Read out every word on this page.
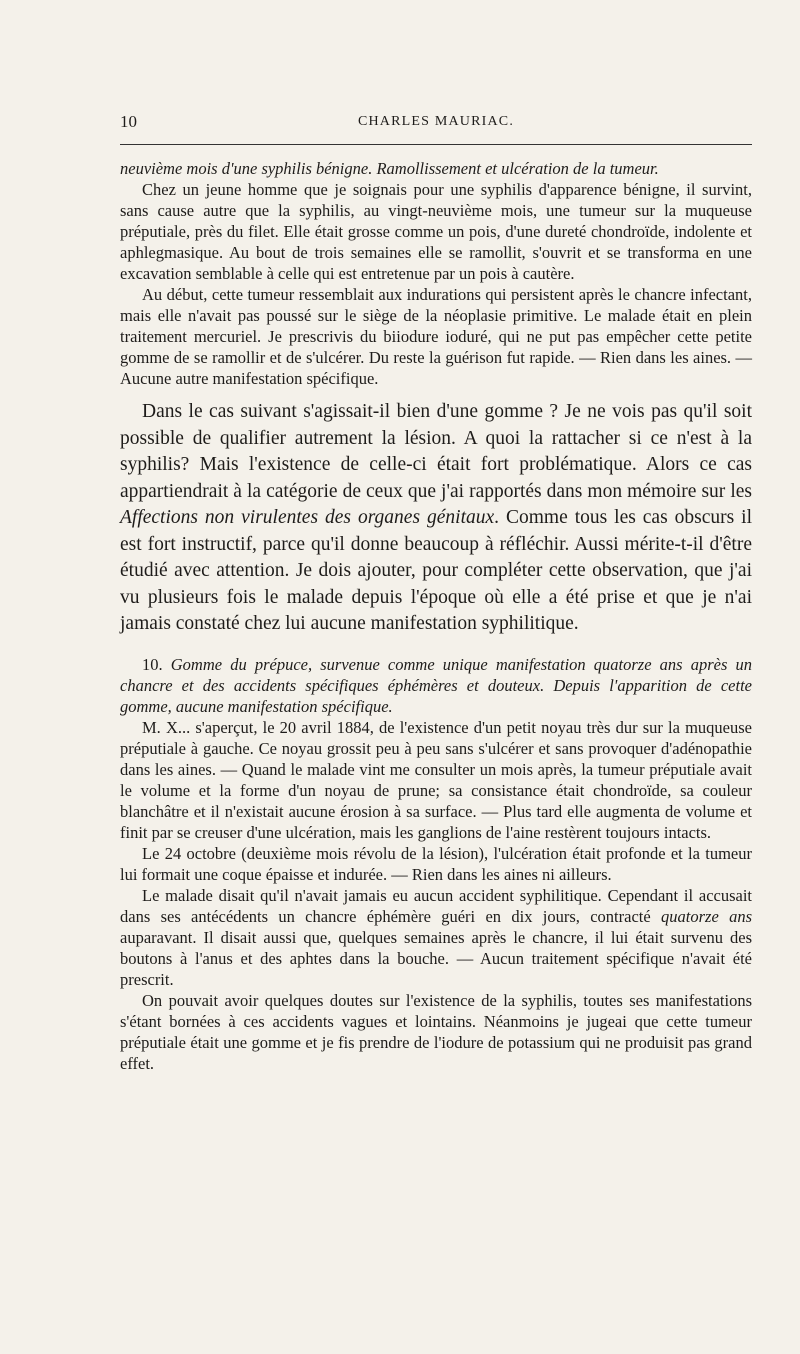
10	CHARLES MAURIAC.

neuvième mois d'une syphilis bénigne. Ramollissement et ulcération de la tumeur.

Chez un jeune homme que je soignais pour une syphilis d'apparence bénigne, il survint, sans cause autre que la syphilis, au vingt-neuvième mois, une tumeur sur la muqueuse préputiale, près du filet. Elle était grosse comme un pois, d'une dureté chondroïde, indolente et aphlegmasique. Au bout de trois semaines elle se ramollit, s'ouvrit et se transforma en une excavation semblable à celle qui est entretenue par un pois à cautère.

Au début, cette tumeur ressemblait aux indurations qui persistent après le chancre infectant, mais elle n'avait pas poussé sur le siège de la néoplasie primitive. Le malade était en plein traitement mercuriel. Je prescrivis du biiodure ioduré, qui ne put pas empêcher cette petite gomme de se ramollir et de s'ulcérer. Du reste la guérison fut rapide. — Rien dans les aines. — Aucune autre manifestation spécifique.

Dans le cas suivant s'agissait-il bien d'une gomme ? Je ne vois pas qu'il soit possible de qualifier autrement la lésion. A quoi la rattacher si ce n'est à la syphilis? Mais l'existence de celle-ci était fort problématique. Alors ce cas appartiendrait à la catégorie de ceux que j'ai rapportés dans mon mémoire sur les Affections non virulentes des organes génitaux. Comme tous les cas obscurs il est fort instructif, parce qu'il donne beaucoup à réfléchir. Aussi mérite-t-il d'être étudié avec attention. Je dois ajouter, pour compléter cette observation, que j'ai vu plusieurs fois le malade depuis l'époque où elle a été prise et que je n'ai jamais constaté chez lui aucune manifestation syphilitique.

10. Gomme du prépuce, survenue comme unique manifestation quatorze ans après un chancre et des accidents spécifiques éphémères et douteux. Depuis l'apparition de cette gomme, aucune manifestation spécifique.

M. X... s'aperçut, le 20 avril 1884, de l'existence d'un petit noyau très dur sur la muqueuse préputiale à gauche. Ce noyau grossit peu à peu sans s'ulcérer et sans provoquer d'adénopathie dans les aines. — Quand le malade vint me consulter un mois après, la tumeur préputiale avait le volume et la forme d'un noyau de prune; sa consistance était chondroïde, sa couleur blanchâtre et il n'existait aucune érosion à sa surface. — Plus tard elle augmenta de volume et finit par se creuser d'une ulcération, mais les ganglions de l'aine restèrent toujours intacts.

Le 24 octobre (deuxième mois révolu de la lésion), l'ulcération était profonde et la tumeur lui formait une coque épaisse et indurée. — Rien dans les aines ni ailleurs.

Le malade disait qu'il n'avait jamais eu aucun accident syphilitique. Cependant il accusait dans ses antécédents un chancre éphémère guéri en dix jours, contracté quatorze ans auparavant. Il disait aussi que, quelques semaines après le chancre, il lui était survenu des boutons à l'anus et des aphtes dans la bouche. — Aucun traitement spécifique n'avait été prescrit.

On pouvait avoir quelques doutes sur l'existence de la syphilis, toutes ses manifestations s'étant bornées à ces accidents vagues et lointains. Néanmoins je jugeai que cette tumeur préputiale était une gomme et je fis prendre de l'iodure de potassium qui ne produisit pas grand effet.
